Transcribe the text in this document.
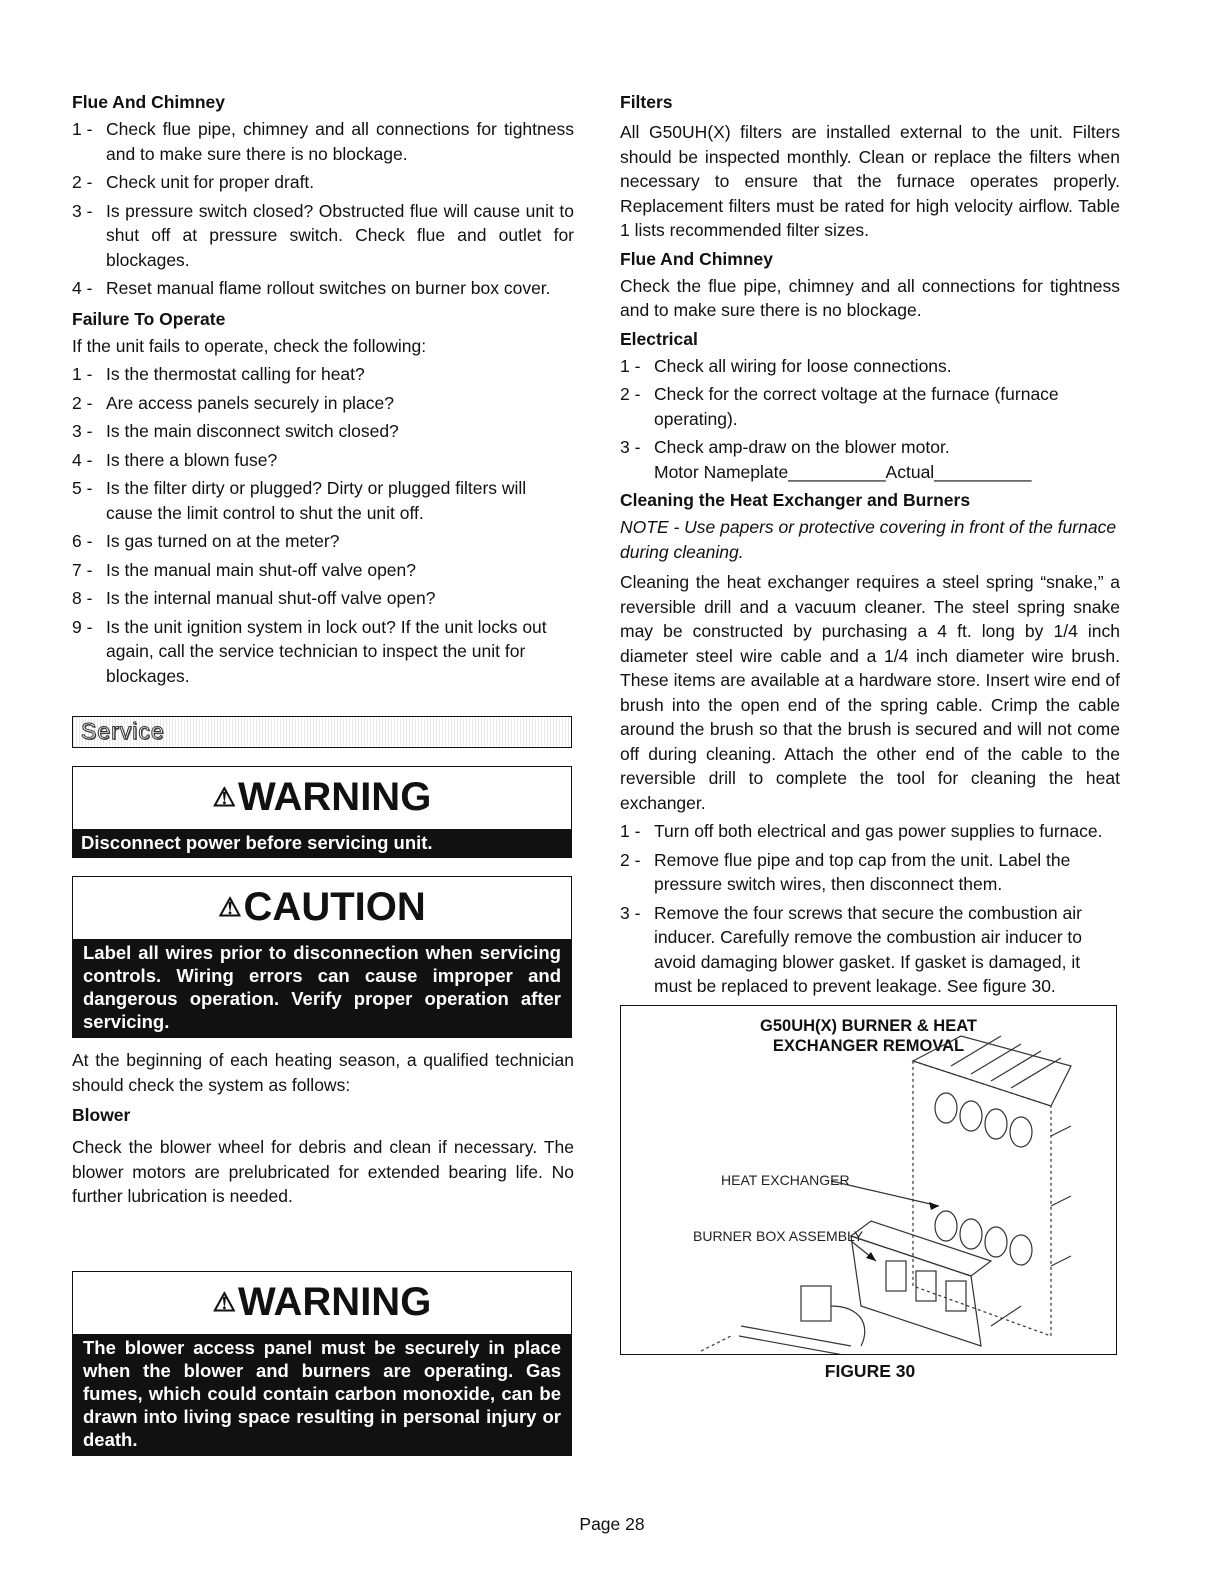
Flue And Chimney
1 - Check flue pipe, chimney and all connections for tightness and to make sure there is no blockage.
2 - Check unit for proper draft.
3 - Is pressure switch closed? Obstructed flue will cause unit to shut off at pressure switch. Check flue and outlet for blockages.
4 - Reset manual flame rollout switches on burner box cover.
Failure To Operate

If the unit fails to operate, check the following:

1 - Is the thermostat calling for heat?
2 - Are access panels securely in place?
3 - Is the main disconnect switch closed?
4 - Is there a blown fuse?
5 - Is the filter dirty or plugged? Dirty or plugged filters will cause the limit control to shut the unit off.
6 - Is gas turned on at the meter?
7 - Is the manual main shut-off valve open?
8 - Is the internal manual shut-off valve open?
9 - Is the unit ignition system in lock out? If the unit locks out again, call the service technician to inspect the unit for blockages.
Service
⚠WARNING
Disconnect power before servicing unit.
⚠CAUTION
Label all wires prior to disconnection when servicing controls. Wiring errors can cause improper and dangerous operation. Verify proper operation after servicing.

At the beginning of each heating season, a qualified technician should check the system as follows:

Blower

Check the blower wheel for debris and clean if necessary. The blower motors are prelubricated for extended bearing life. No further lubrication is needed.

⚠WARNING
The blower access panel must be securely in place when the blower and burners are operating. Gas fumes, which could contain carbon monoxide, can be drawn into living space resulting in personal injury or death.
Filters

All G50UH(X) filters are installed external to the unit. Filters should be inspected monthly. Clean or replace the filters when necessary to ensure that the furnace operates properly. Replacement filters must be rated for high velocity airflow. Table 1 lists recommended filter sizes.

Flue And Chimney

Check the flue pipe, chimney and all connections for tightness and to make sure there is no blockage.

Electrical
1 - Check all wiring for loose connections.
2 - Check for the correct voltage at the furnace (furnace operating).
3 - Check amp-draw on the blower motor.

Motor Nameplate__________Actual__________

Cleaning the Heat Exchanger and Burners

NOTE - Use papers or protective covering in front of the furnace during cleaning.

Cleaning the heat exchanger requires a steel spring “snake,” a reversible drill and a vacuum cleaner. The steel spring snake may be constructed by purchasing a 4 ft. long by 1/4 inch diameter steel wire cable and a 1/4 inch diameter wire brush. These items are available at a hardware store. Insert wire end of brush into the open end of the spring cable. Crimp the cable around the brush so that the brush is secured and will not come off during cleaning. Attach the other end of the cable to the reversible drill to complete the tool for cleaning the heat exchanger.

1 - Turn off both electrical and gas power supplies to furnace.
2 - Remove flue pipe and top cap from the unit. Label the pressure switch wires, then disconnect them.
3 - Remove the four screws that secure the combustion air inducer. Carefully remove the combustion air inducer to avoid damaging blower gasket. If gasket is damaged, it must be replaced to prevent leakage. See figure 30.
G50UH(X) BURNER & HEAT
EXCHANGER REMOVAL
HEAT EXCHANGER
BURNER BOX ASSEMBLY
FIGURE 30
Page 28
